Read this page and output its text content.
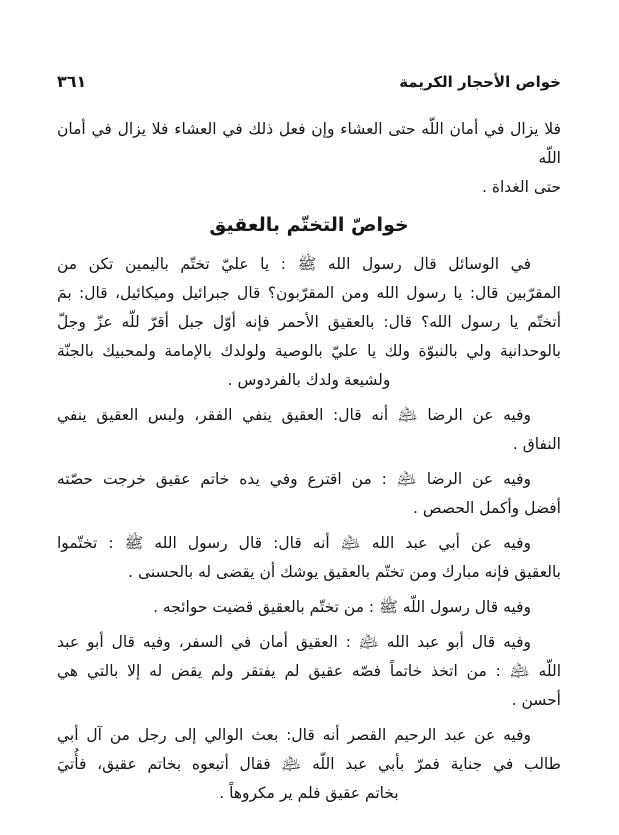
خواص الأحجار الكريمة
٣٦١
فلا يزال في أمان اللّه حتى العشاء وإن فعل ذلك في العشاء فلا يزال في أمان اللّه
حتى الغداة .
خواصّ التختّم بالعقيق
في الوسائل قال رسول الله ﷺ : يا عليّ تختّم باليمين تكن من
المقرّبين قال: يا رسول الله ومن المقرّبون؟ قال جبرائيل وميكائيل، قال: بمَ
أتختّم يا رسول الله؟ قال: بالعقيق الأحمر فإنه أوّل جبل أقرّ للّه عزّ وجلّ
بالوحدانية ولي بالنبوّة ولك يا عليّ بالوصية ولولدك بالإمامة ولمحبيك بالجنّة
ولشيعة ولدك بالفردوس .
وفيه عن الرضا ﵇ أنه قال: العقيق ينفي الفقر، ولبس العقيق ينفي
النفاق .
وفيه عن الرضا ﵇ : من اقترع وفي يده خاتم عقيق خرجت حصّته
أفضل وأكمل الحصص .
وفيه عن أبي عبد الله ﵇ أنه قال: قال رسول الله ﷺ : تختّموا
بالعقيق فإنه مبارك ومن تختّم بالعقيق يوشك أن يقضى له بالحسنى .
وفيه قال رسول اللّه ﷺ : من تختّم بالعقيق قضيت حوائجه .
وفيه قال أبو عبد الله ﵇ : العقيق أمان في السفر، وفيه قال أبو عبد
اللّه ﵇ : من اتخذ خاتماً فصّه عقيق لم يفتقر ولم يقض له إلا بالتي هي
أحسن .
وفيه عن عبد الرحيم القصر أنه قال: بعث الوالي إلى رجل من آل أبي
طالب في جناية فمرّ بأبي عبد اللّه ﵇ فقال أتبعوه بخاتم عقيق، فأُتيَ
بخاتم عقيق فلم ير مكروهاً .
